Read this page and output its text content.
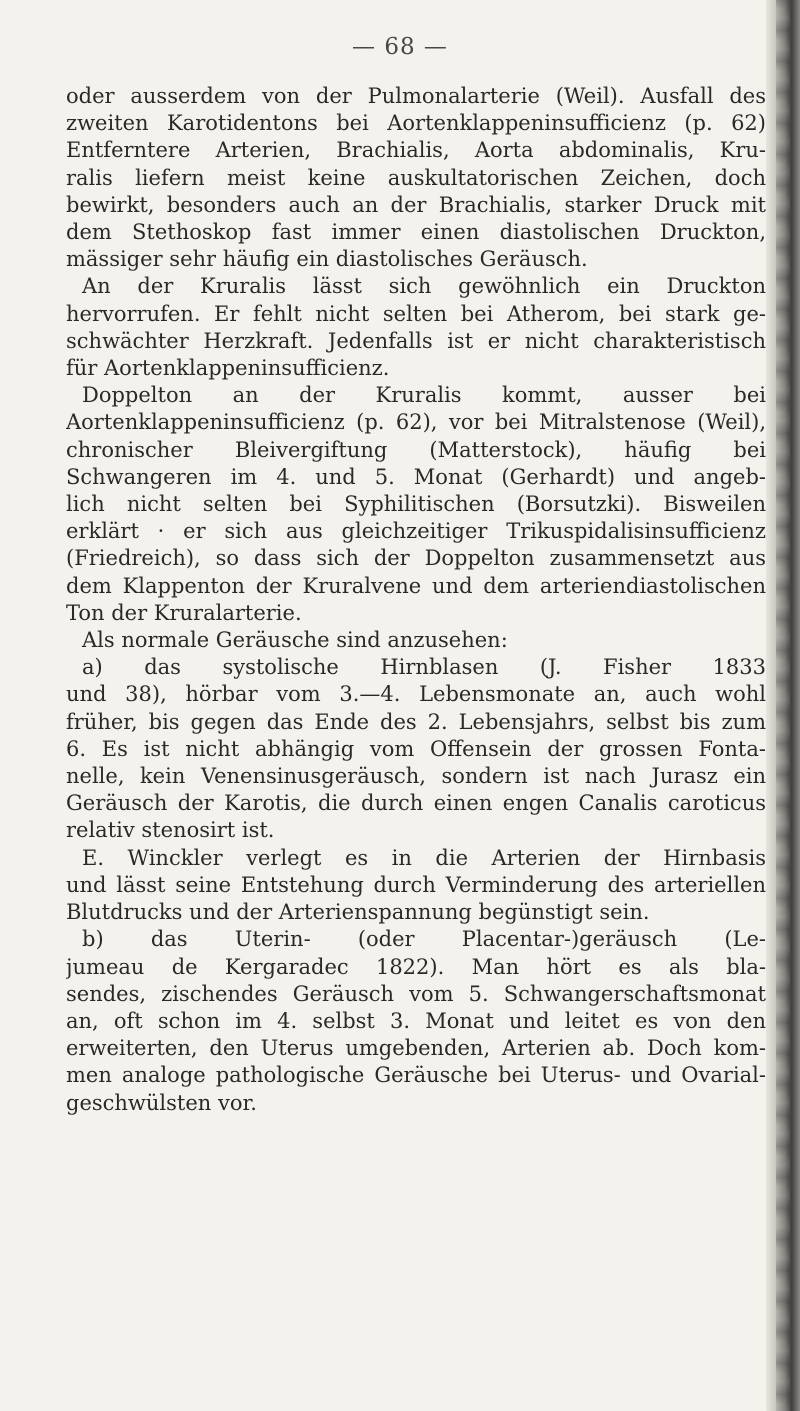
— 68 —
oder ausserdem von der Pulmonalarterie (Weil). Ausfall des
zweiten Karotidentons bei Aortenklappeninsufficienz (p. 62)
Entferntere Arterien, Brachialis, Aorta abdominalis, Kru-
ralis liefern meist keine auskultatorischen Zeichen, doch
bewirkt, besonders auch an der Brachialis, starker Druck mit
dem Stethoskop fast immer einen diastolischen Druckton,
mässiger sehr häufig ein diastolisches Geräusch.
An der Kruralis lässt sich gewöhnlich ein Druckton
hervorrufen. Er fehlt nicht selten bei Atherom, bei stark ge-
schwächter Herzkraft. Jedenfalls ist er nicht charakteristisch
für Aortenklappeninsufficienz.
Doppelton an der Kruralis kommt, ausser bei
Aortenklappeninsufficienz (p. 62), vor bei Mitralstenose (Weil),
chronischer Bleivergiftung (Matterstock), häufig bei
Schwangeren im 4. und 5. Monat (Gerhardt) und angeb-
lich nicht selten bei Syphilitischen (Borsutzki). Bisweilen
erklärt · er sich aus gleichzeitiger Trikuspidalisinsufficienz
(Friedreich), so dass sich der Doppelton zusammensetzt aus
dem Klappenton der Kruralvene und dem arteriendiastolischen
Ton der Kruralarterie.
Als normale Geräusche sind anzusehen:
a) das systolische Hirnblasen (J. Fisher 1833
und 38), hörbar vom 3.—4. Lebensmonate an, auch wohl
früher, bis gegen das Ende des 2. Lebensjahrs, selbst bis zum
6. Es ist nicht abhängig vom Offensein der grossen Fonta-
nelle, kein Venensinusgeräusch, sondern ist nach Jurasz ein
Geräusch der Karotis, die durch einen engen Canalis caroticus
relativ stenosirt ist.
E. Winckler verlegt es in die Arterien der Hirnbasis
und lässt seine Entstehung durch Verminderung des arteriellen
Blutdrucks und der Arterienspannung begünstigt sein.
b) das Uterin- (oder Placentar-)geräusch (Le-
jumeau de Kergaradec 1822). Man hört es als bla-
sendes, zischendes Geräusch vom 5. Schwangerschaftsmonat
an, oft schon im 4. selbst 3. Monat und leitet es von den
erweiterten, den Uterus umgebenden, Arterien ab. Doch kom-
men analoge pathologische Geräusche bei Uterus- und Ovarial-
geschwülsten vor.
